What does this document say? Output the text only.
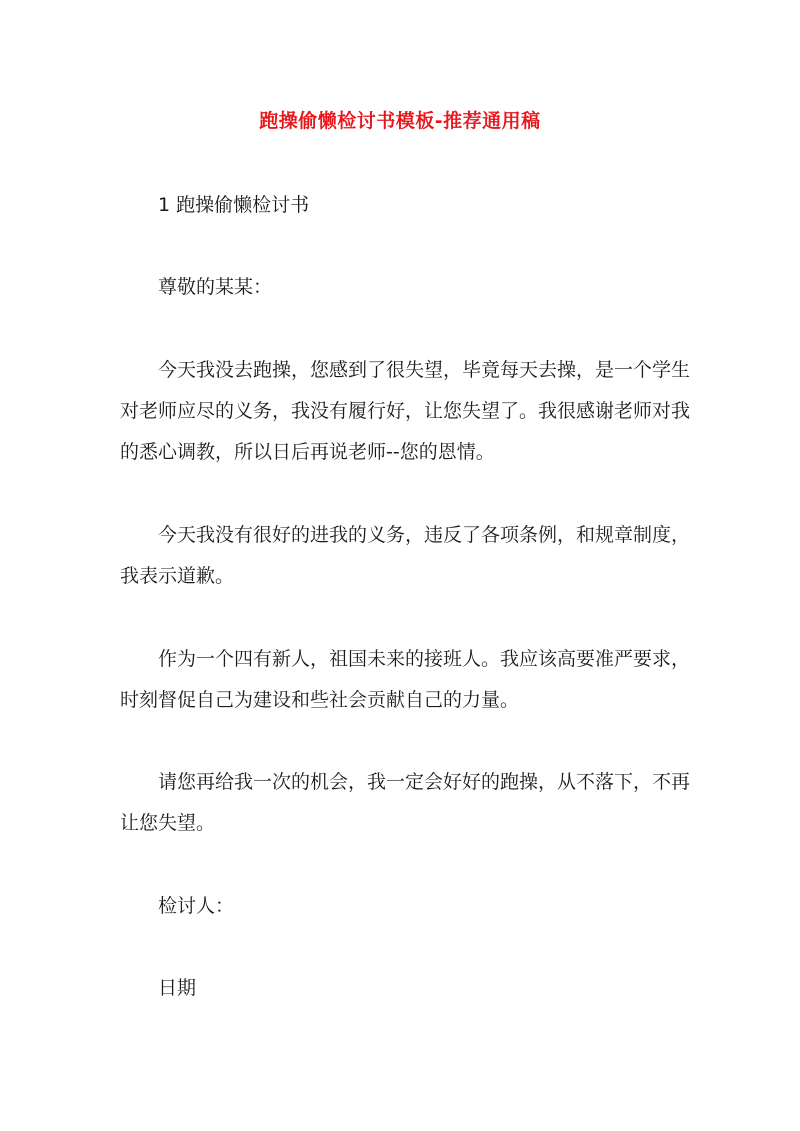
跑操偷懒检讨书模板-推荐通用稿
1 跑操偷懒检讨书
尊敬的某某：
今天我没去跑操，您感到了很失望，毕竟每天去操，是一个学生
对老师应尽的义务，我没有履行好，让您失望了。我很感谢老师对我
的悉心调教，所以日后再说老师--您的恩情。
今天我没有很好的进我的义务，违反了各项条例，和规章制度，
我表示道歉。
作为一个四有新人，祖国未来的接班人。我应该高要准严要求，
时刻督促自己为建设和些社会贡献自己的力量。
请您再给我一次的机会，我一定会好好的跑操，从不落下，不再
让您失望。
检讨人：
日期
